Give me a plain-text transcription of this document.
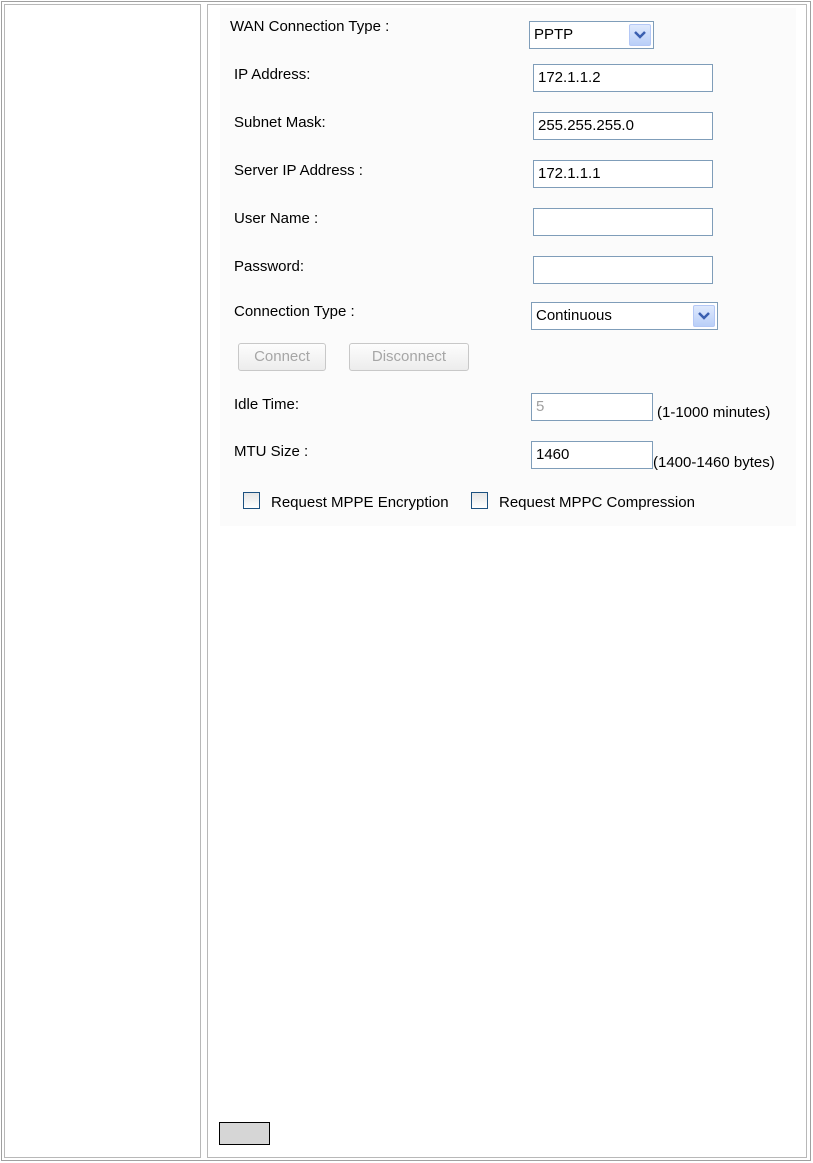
WAN Connection Type :	PPTP
IP Address:	172.1.1.2
Subnet Mask:	255.255.255.0
Server IP Address :	172.1.1.1
User Name :
Password:
Connection Type :	Continuous
Connect	Disconnect
Idle Time:	5	(1-1000 minutes)
MTU Size :	1460	(1400-1460 bytes)
Request MPPE Encryption	Request MPPC Compression
